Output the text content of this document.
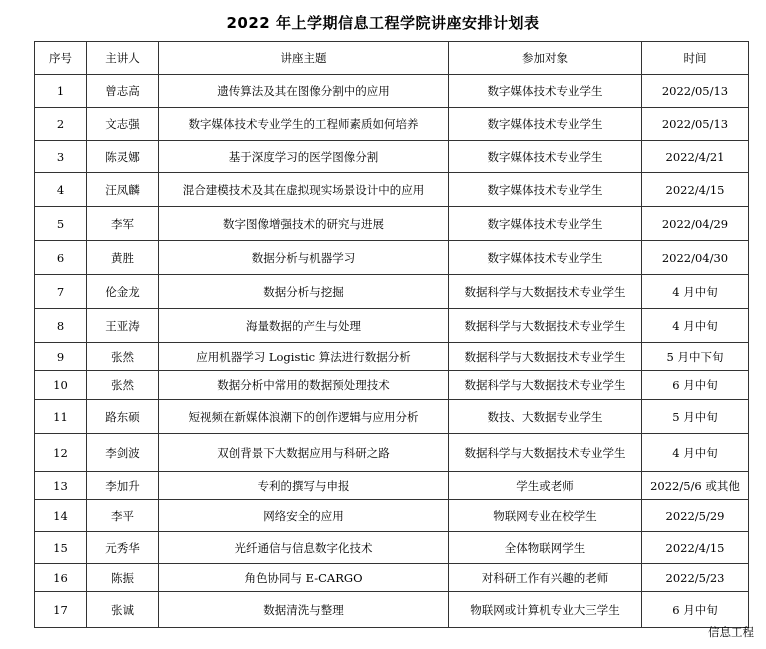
2022 年上学期信息工程学院讲座安排计划表
序号	主讲人	讲座主题	参加对象	时间
1	曾志高	遗传算法及其在图像分割中的应用	数字媒体技术专业学生	2022/05/13
2	文志强	数字媒体技术专业学生的工程师素质如何培养	数字媒体技术专业学生	2022/05/13
3	陈灵娜	基于深度学习的医学图像分割	数字媒体技术专业学生	2022/4/21
4	汪凤麟	混合建模技术及其在虚拟现实场景设计中的应用	数字媒体技术专业学生	2022/4/15
5	李军	数字图像增强技术的研究与进展	数字媒体技术专业学生	2022/04/29
6	黄胜	数据分析与机器学习	数字媒体技术专业学生	2022/04/30
7	伦金龙	数据分析与挖掘	数据科学与大数据技术专业学生	4 月中旬
8	王亚涛	海量数据的产生与处理	数据科学与大数据技术专业学生	4 月中旬
9	张然	应用机器学习 Logistic 算法进行数据分析	数据科学与大数据技术专业学生	5 月中下旬
10	张然	数据分析中常用的数据预处理技术	数据科学与大数据技术专业学生	6 月中旬
11	路东硕	短视频在新媒体浪潮下的创作逻辑与应用分析	数技、大数据专业学生	5 月中旬
12	李剑波	双创背景下大数据应用与科研之路	数据科学与大数据技术专业学生	4 月中旬
13	李加升	专利的撰写与申报	学生或老师	2022/5/6 或其他
14	李平	网络安全的应用	物联网专业在校学生	2022/5/29
15	元秀华	光纤通信与信息数字化技术	全体物联网学生	2022/4/15
16	陈振	角色协同与 E-CARGO	对科研工作有兴趣的老师	2022/5/23
17	张诚	数据清洗与整理	物联网或计算机专业大三学生	6 月中旬
信息工程
